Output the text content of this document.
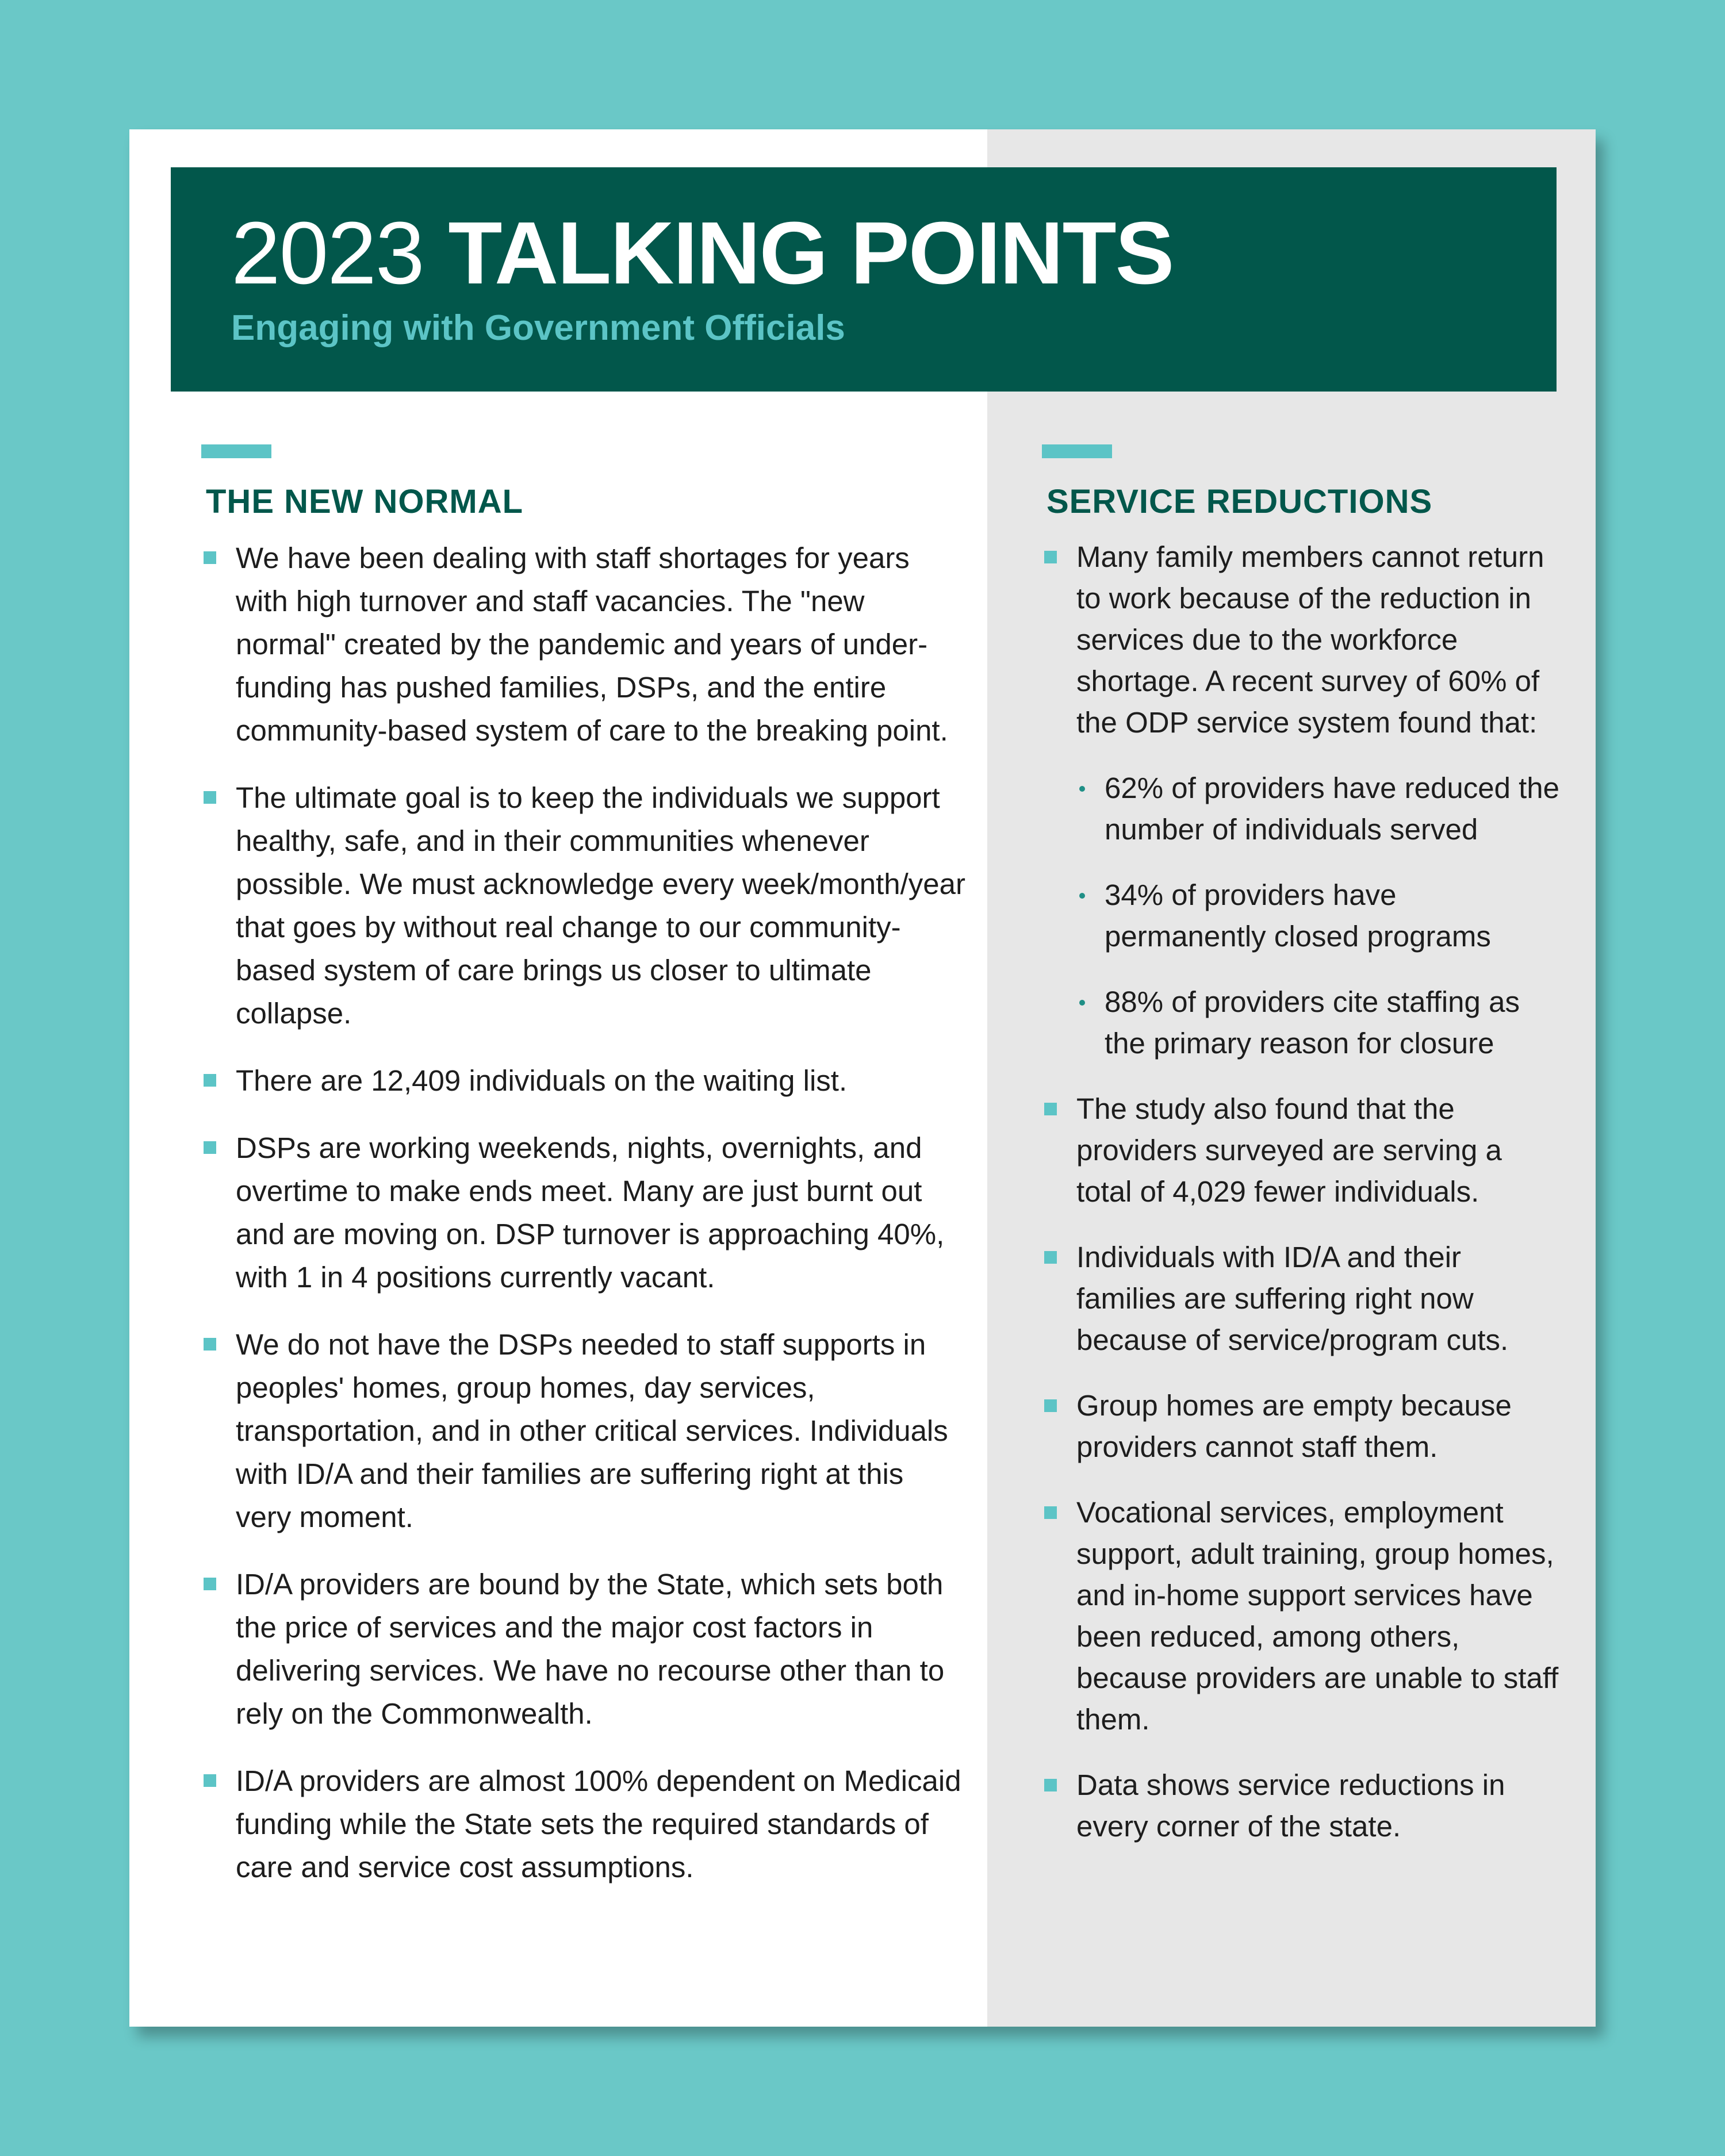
2023 TALKING POINTS

Engaging with Government Officials

THE NEW NORMAL
We have been dealing with staff shortages for years with high turnover and staff vacancies. The "new normal" created by the pandemic and years of under-funding has pushed families, DSPs, and the entire community-based system of care to the breaking point.
The ultimate goal is to keep the individuals we support healthy, safe, and in their communities whenever possible. We must acknowledge every week/month/year that goes by without real change to our community-based system of care brings us closer to ultimate collapse.
There are 12,409 individuals on the waiting list.
DSPs are working weekends, nights, overnights, and overtime to make ends meet. Many are just burnt out and are moving on. DSP turnover is approaching 40%, with 1 in 4 positions currently vacant.
We do not have the DSPs needed to staff supports in peoples' homes, group homes, day services, transportation, and in other critical services. Individuals with ID/A and their families are suffering right at this very moment.
ID/A providers are bound by the State, which sets both the price of services and the major cost factors in delivering services. We have no recourse other than to rely on the Commonwealth.
ID/A providers are almost 100% dependent on Medicaid funding while the State sets the required standards of care and service cost assumptions.
SERVICE REDUCTIONS
Many family members cannot return to work because of the reduction in services due to the workforce shortage. A recent survey of 60% of the ODP service system found that:
62% of providers have reduced the number of individuals served
34% of providers have permanently closed programs
88% of providers cite staffing as the primary reason for closure
The study also found that the providers surveyed are serving a total of 4,029 fewer individuals.
Individuals with ID/A and their families are suffering right now because of service/program cuts.
Group homes are empty because providers cannot staff them.
Vocational services, employment support, adult training, group homes, and in-home support services have been reduced, among others, because providers are unable to staff them.
Data shows service reductions in every corner of the state.
